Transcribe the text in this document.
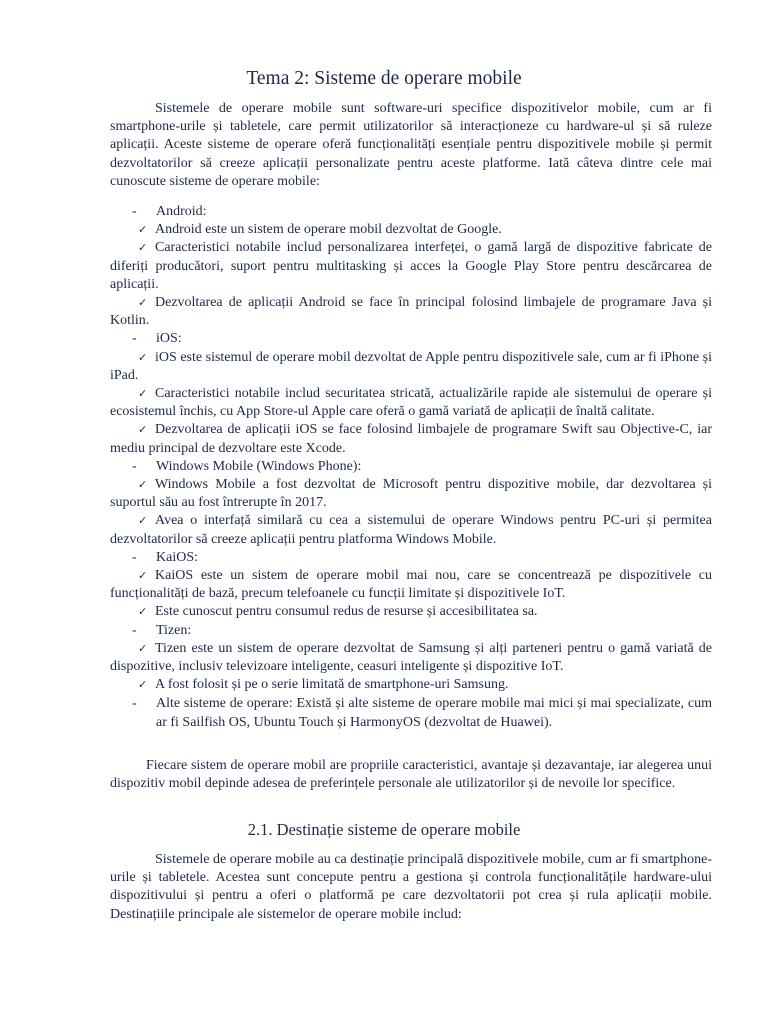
Tema 2: Sisteme de operare mobile

Sistemele de operare mobile sunt software-uri specifice dispozitivelor mobile, cum ar fi smartphone-urile și tabletele, care permit utilizatorilor să interacționeze cu hardware-ul și să ruleze aplicații. Aceste sisteme de operare oferă funcționalități esențiale pentru dispozitivele mobile și permit dezvoltatorilor să creeze aplicații personalizate pentru aceste platforme. Iată câteva dintre cele mai cunoscute sisteme de operare mobile:

- Android:
✓ Android este un sistem de operare mobil dezvoltat de Google.
✓ Caracteristici notabile includ personalizarea interfeței, o gamă largă de dispozitive fabricate de diferiți producători, suport pentru multitasking și acces la Google Play Store pentru descărcarea de aplicații.
✓ Dezvoltarea de aplicații Android se face în principal folosind limbajele de programare Java și Kotlin.
- iOS:
✓ iOS este sistemul de operare mobil dezvoltat de Apple pentru dispozitivele sale, cum ar fi iPhone și iPad.
✓ Caracteristici notabile includ securitatea stricată, actualizările rapide ale sistemului de operare și ecosistemul închis, cu App Store-ul Apple care oferă o gamă variată de aplicații de înaltă calitate.
✓ Dezvoltarea de aplicații iOS se face folosind limbajele de programare Swift sau Objective-C, iar mediu principal de dezvoltare este Xcode.
- Windows Mobile (Windows Phone):
✓ Windows Mobile a fost dezvoltat de Microsoft pentru dispozitive mobile, dar dezvoltarea și suportul său au fost întrerupte în 2017.
✓ Avea o interfață similară cu cea a sistemului de operare Windows pentru PC-uri și permitea dezvoltatorilor să creeze aplicații pentru platforma Windows Mobile.
- KaiOS:
✓ KaiOS este un sistem de operare mobil mai nou, care se concentrează pe dispozitivele cu funcționalități de bază, precum telefoanele cu funcții limitate și dispozitivele IoT.
✓ Este cunoscut pentru consumul redus de resurse și accesibilitatea sa.
- Tizen:
✓ Tizen este un sistem de operare dezvoltat de Samsung și alți parteneri pentru o gamă variată de dispozitive, inclusiv televizoare inteligente, ceasuri inteligente și dispozitive IoT.
✓ A fost folosit și pe o serie limitată de smartphone-uri Samsung.
- Alte sisteme de operare: Există și alte sisteme de operare mobile mai mici și mai specializate, cum ar fi Sailfish OS, Ubuntu Touch și HarmonyOS (dezvoltat de Huawei).

Fiecare sistem de operare mobil are propriile caracteristici, avantaje și dezavantaje, iar alegerea unui dispozitiv mobil depinde adesea de preferințele personale ale utilizatorilor și de nevoile lor specifice.

2.1. Destinație sisteme de operare mobile

Sistemele de operare mobile au ca destinație principală dispozitivele mobile, cum ar fi smartphone-urile și tabletele. Acestea sunt concepute pentru a gestiona și controla funcționalitățile hardware-ului dispozitivului și pentru a oferi o platformă pe care dezvoltatorii pot crea și rula aplicații mobile. Destinațiile principale ale sistemelor de operare mobile includ:
